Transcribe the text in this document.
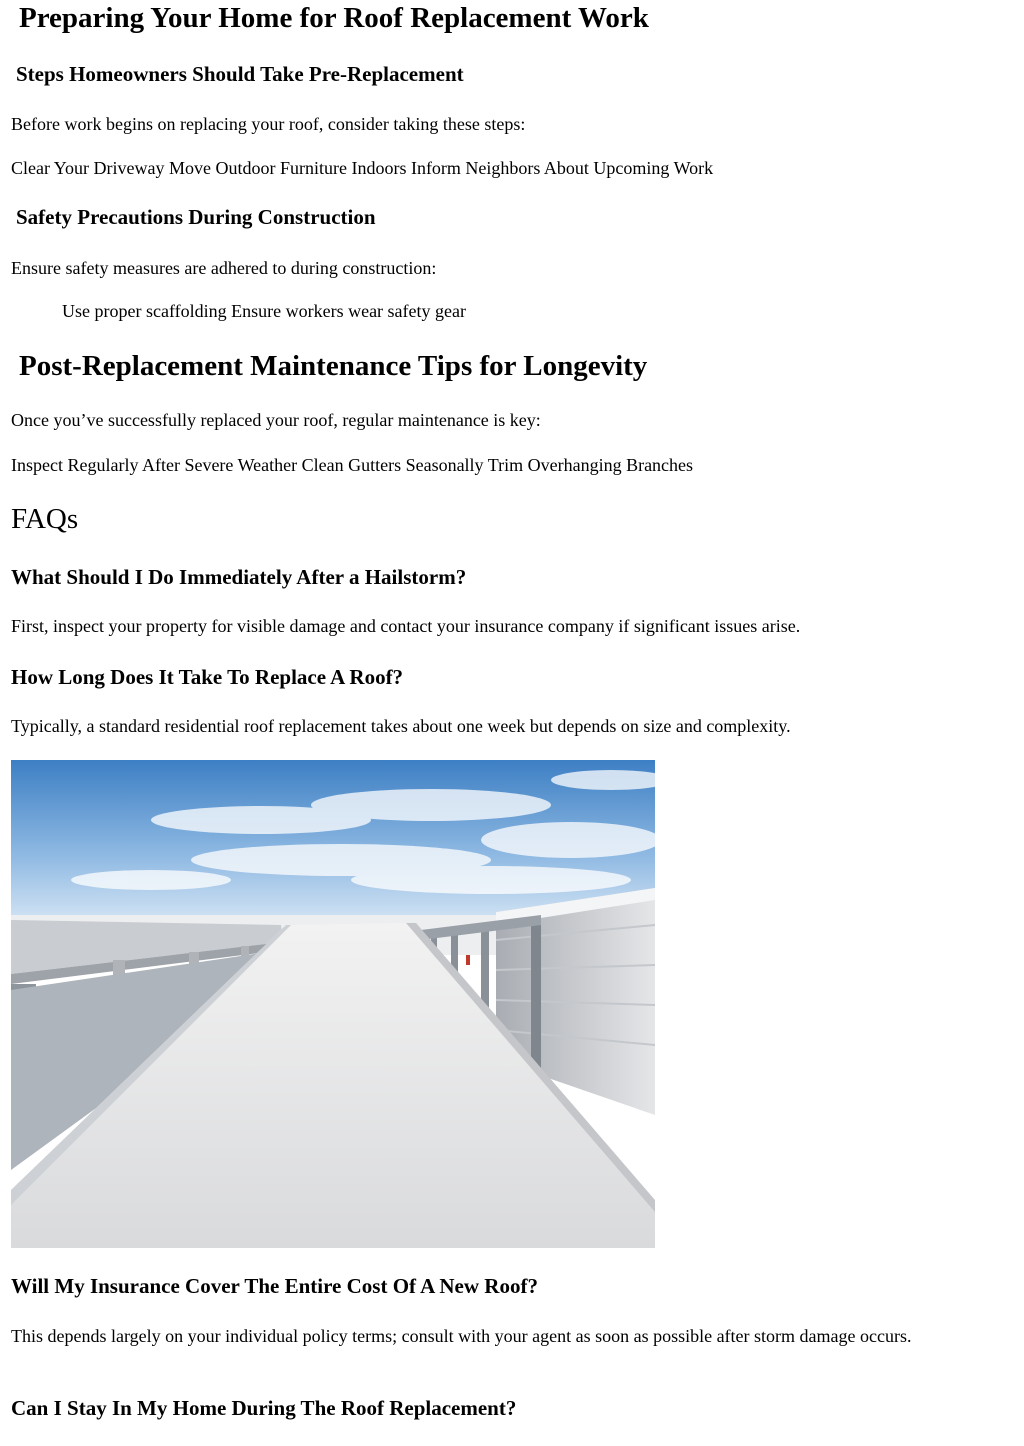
Preparing Your Home for Roof Replacement Work
Steps Homeowners Should Take Pre-Replacement

Before work begins on replacing your roof, consider taking these steps:

Clear Your Driveway Move Outdoor Furniture Indoors Inform Neighbors About Upcoming Work

Safety Precautions During Construction

Ensure safety measures are adhered to during construction:

Use proper scaffolding Ensure workers wear safety gear

Post-Replacement Maintenance Tips for Longevity

Once you’ve successfully replaced your roof, regular maintenance is key:

Inspect Regularly After Severe Weather Clean Gutters Seasonally Trim Overhanging Branches

FAQs
What Should I Do Immediately After a Hailstorm?

First, inspect your property for visible damage and contact your insurance company if significant issues arise.

How Long Does It Take To Replace A Roof?

Typically, a standard residential roof replacement takes about one week but depends on size and complexity.

Will My Insurance Cover The Entire Cost Of A New Roof?

This depends largely on your individual policy terms; consult with your agent as soon as possible after storm damage occurs.

Can I Stay In My Home During The Roof Replacement?
